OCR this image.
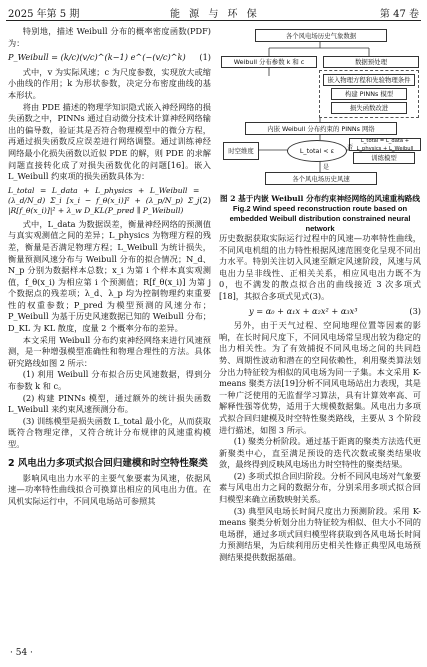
2025 年第 5 期	能 源 与 环 保	第 47 卷

特别地，描述 Weibull 分布的概率密度函数(PDF)为：

P_Weibull = (k/c)(v/c)^(k−1) e^(−(v/c)^k) (1)

式中，v 为实际风速；c 为尺度参数，实现放大或缩小曲线的作用；k 为形状参数，决定分布密度曲线的基本形状。

将由 PDE 描述的物理学知识隐式嵌入神经网络的损失函数之中，PINNs 通过自动微分技术计算神经网络输出的偏导数，验证其是否符合物理模型中的微分方程，再通过损失函数反应误差进行网络调整。通过训练神经网络最小化损失函数以近似 PDE 的解，则 PDE 的求解问题直接转化成了对损失函数优化的问题[16]。嵌入 L_Weibull 约束项的损失函数具体为：

L_total = L_data + L_physics + L_Weibull = (λ_d/N_d) Σ_i [x_i − f_θ(x_i)]² + (λ_p/N_p) Σ_j |R[f_θ(x_i)]|² + λ_w D_KL(P_pred ∥ P_Weibull)
(2)

式中，L_data 为数据误差，衡量神经网络的预测值与真实观测值之间的差异；L_physics 为物理方程的残差，衡量是否满足物理方程；L_Weibull 为统计损失，衡量预测风速分布与 Weibull 分布的拟合情况；N_d、N_p 分别为数据样本总数；x_i 为第 i 个样本真实观测值，f_θ(x_i) 为相应第 i 个预测值；R[f_θ(x_i)] 为第 j 个数据点的残差项；λ_d、λ_p 均为控制物理约束重要性的权重参数；P_pred 为模型预测的风速分布；P_Weibull 为基于历史风速数据已知的 Weibull 分布；D_KL 为 KL 散度，度量 2 个概率分布的差异。

本文采用 Weibull 分布约束神经网络来进行风速预测，是一种增强模型准确性和物理合理性的方法。具体研究路线如图 2 所示：

(1) 利用 Weibull 分布拟合历史风速数据，得到分布参数 k 和 c。

(2) 构建 PINNs 模型，通过额外的统计损失函数 L_Weibull 来约束风速预测分布。

(3) 训练模型是损失函数 L_total 最小化，从而获取既符合物理定律，又符合统计分布规律的风速重构模型。

2 风电出力多项式拟合回归建模和时空特性聚类

影响风电出力水平的主要气象要素为风速，依据风速—功率特性曲线拟合可换算出相应的风电出力值。在风机实际运行中，不同风电场站可参照其

各个风电场历史气象数据
Weibull 分布参数 k 和 c	数据预处理
嵌入物理方程和先验物理条件
构建 PINNs 模型
损失函数改进
内嵌 Weibull 分布约束的 PINNs 网络
时空维度	L_total < ε
L_total = L_data + L_physics + L_Weibull
训练模型
各个风电场历史风速
是
否
图 2 基于内嵌 Weibull 分布约束神经网络的风速重构路线
Fig.2 Wind speed reconstruction route based on embedded Weibull distribution constrained neural network

历史数据获取实际运行过程中的风速—功率特性曲线，不同风电机组的出力特性根据风速范围变化呈现不同出力水平。特别关注切入风速至额定风速阶段，风速与风电出力呈非线性、正相关关系，相应风电出力既不为 0，也不满发的散点拟合出的曲线接近 3 次多项式[18]，其拟合多项式见式(3)。

y = α₀ + α₁x + α₂x² + α₃x³	(3)

另外，由于天气过程、空间地理位置等因素的影响，在长时间尺度下，不同风电场常呈现出较为稳定的出力相关性。为了有效捕捉不同风电场之间的共同趋势、周期性波动和潜在的空间依赖性，利用聚类算法划分出力特征较为相似的风电场为同一子集。本文采用 K-means 聚类方法[19]分析不同风电场站出力表现，其是一种广泛使用的无监督学习算法，具有计算效率高、可解释性强等优势，适用于大规模数据集。风电出力多项式拟合回归建模及时空特性聚类路线，主要从 3 个阶段进行描述，如图 3 所示。

(1) 聚类分析阶段。通过基于距离的聚类方法选代更新聚类中心，直至满足预设的迭代次数或聚类结果收敛，最终得到反映风电场出力时空特性的聚类结果。

(2) 多项式拟合回归阶段。分析不同风电场对气象要素与风电出力之间的数据分布，分别采用多项式拟合回归模型来确立函数映射关系。

(3) 典型风电场长时间尺度出力预测阶段。采用 K-means 聚类分析划分出力特征较为相似、但大小不同的电场群，通过多项式回归模型将获取到各风电场长时间力预测结果，为后续利用历史相关性修正典型风电场预测结果提供数据基础。

· 54 ·
